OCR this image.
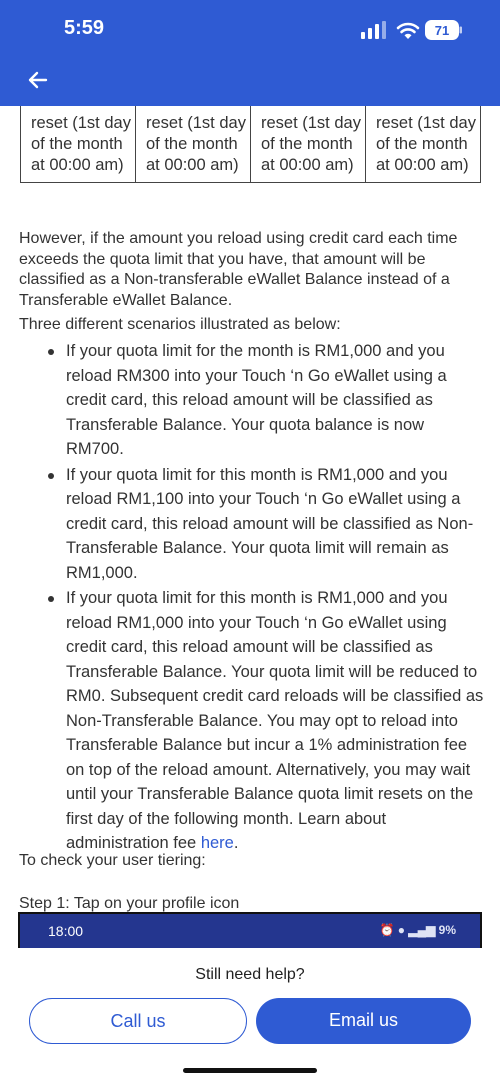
reset (1st day of the month at 00:00 am)	reset (1st day of the month at 00:00 am)	reset (1st day of the month at 00:00 am)	reset (1st day of the month at 00:00 am)

However, if the amount you reload using credit card each time exceeds the quota limit that you have, that amount will be classified as a Non-transferable eWallet Balance instead of a Transferable eWallet Balance.

Three different scenarios illustrated as below:

If your quota limit for the month is RM1,000 and you reload RM300 into your Touch ‘n Go eWallet using a credit card, this reload amount will be classified as Transferable Balance. Your quota balance is now RM700.
If your quota limit for this month is RM1,000 and you reload RM1,100 into your Touch ‘n Go eWallet using a credit card, this reload amount will be classified as Non-Transferable Balance. Your quota limit will remain as RM1,000.
If your quota limit for this month is RM1,000 and you reload RM1,000 into your Touch ‘n Go eWallet using credit card, this reload amount will be classified as Transferable Balance. Your quota limit will be reduced to RM0. Subsequent credit card reloads will be classified as Non-Transferable Balance. You may opt to reload into Transferable Balance but incur a 1% administration fee on top of the reload amount. Alternatively, you may wait until your Transferable Balance quota limit resets on the first day of the following month. Learn about administration fee here.

To check your user tiering:

Step 1: Tap on your profile icon

18:00	⏰ ● ▂▄▆ 9%
5:59	71
Still need help?
Call us	Email us
